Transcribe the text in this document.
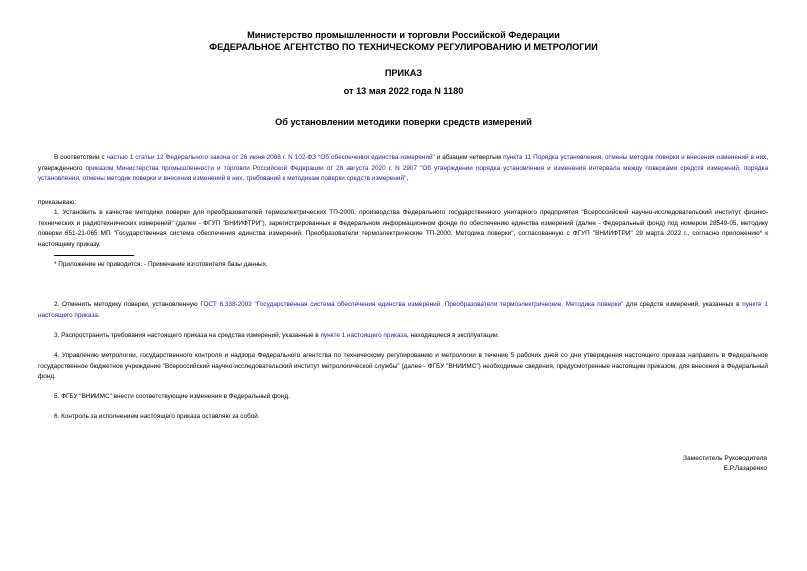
Министерство промышленности и торговли Российской Федерации
ФЕДЕРАЛЬНОЕ АГЕНТСТВО ПО ТЕХНИЧЕСКОМУ РЕГУЛИРОВАНИЮ И МЕТРОЛОГИИ
ПРИКАЗ
от 13 мая 2022 года N 1180
Об установлении методики поверки средств измерений
В соответствии с частью 1 статьи 12 Федерального закона от 26 июня 2008 г. N 102-ФЗ "Об обеспечении единства измерений" и абзацем четвертым пункта 11 Порядка установления, отмены методик поверки и внесения изменений в них, утвержденного приказом Министерства промышленности и торговли Российской Федерации от 28 августа 2020 г. N 2907 "Об утверждении порядка установления и изменения интервала между поверками средств измерений, порядка установления, отмены методик поверки и внесения изменений в них, требований к методикам поверки средств измерений",
приказываю:
1. Установить в качестве методики поверки для преобразователей термоэлектрических ТП-2000, производства Федерального государственного унитарного предприятия "Всероссийский научно-исследовательский институт физико-технических и радиотехнических измерений" (далее - ФГУП "ВНИИФТРИ"), зарегистрированных в Федеральном информационном фонде по обеспечению единства измерений (далее - Федеральный фонд) под номером 28549-05, методику поверки 651-21-065 МП "Государственная система обеспечения единства измерений. Преобразователи термоэлектрические ТП-2000. Методика поверки", согласованную с ФГУП "ВНИИФТРИ" 29 марта 2022 г., согласно приложению* к настоящему приказу.
* Приложение не приводится. - Примечание изготовителя базы данных.
2. Отменить методику поверки, установленную ГОСТ 8.338-2002 "Государственная система обеспечения единства измерений. Преобразователи термоэлектрические. Методика поверки" для средств измерений, указанных в пункте 1 настоящего приказа.
3. Распространить требования настоящего приказа на средства измерений, указанные в пункте 1 настоящего приказа, находящиеся в эксплуатации.
4. Управлению метрологии, государственного контроля и надзора Федерального агентства по техническому регулированию и метрологии в течение 5 рабочих дней со дня утверждения настоящего приказа направить в Федеральное государственное бюджетное учреждение "Всероссийский научно-исследовательский институт метрологической службы" (далее - ФГБУ "ВНИИМС") необходимые сведения, предусмотренные настоящим приказом, для внесения в Федеральный фонд.
5. ФГБУ "ВНИИМС" внести соответствующие изменения в Федеральный фонд.
6. Контроль за исполнением настоящего приказа оставляю за собой.
Заместитель Руководителя
Е.Р.Лазаренко
